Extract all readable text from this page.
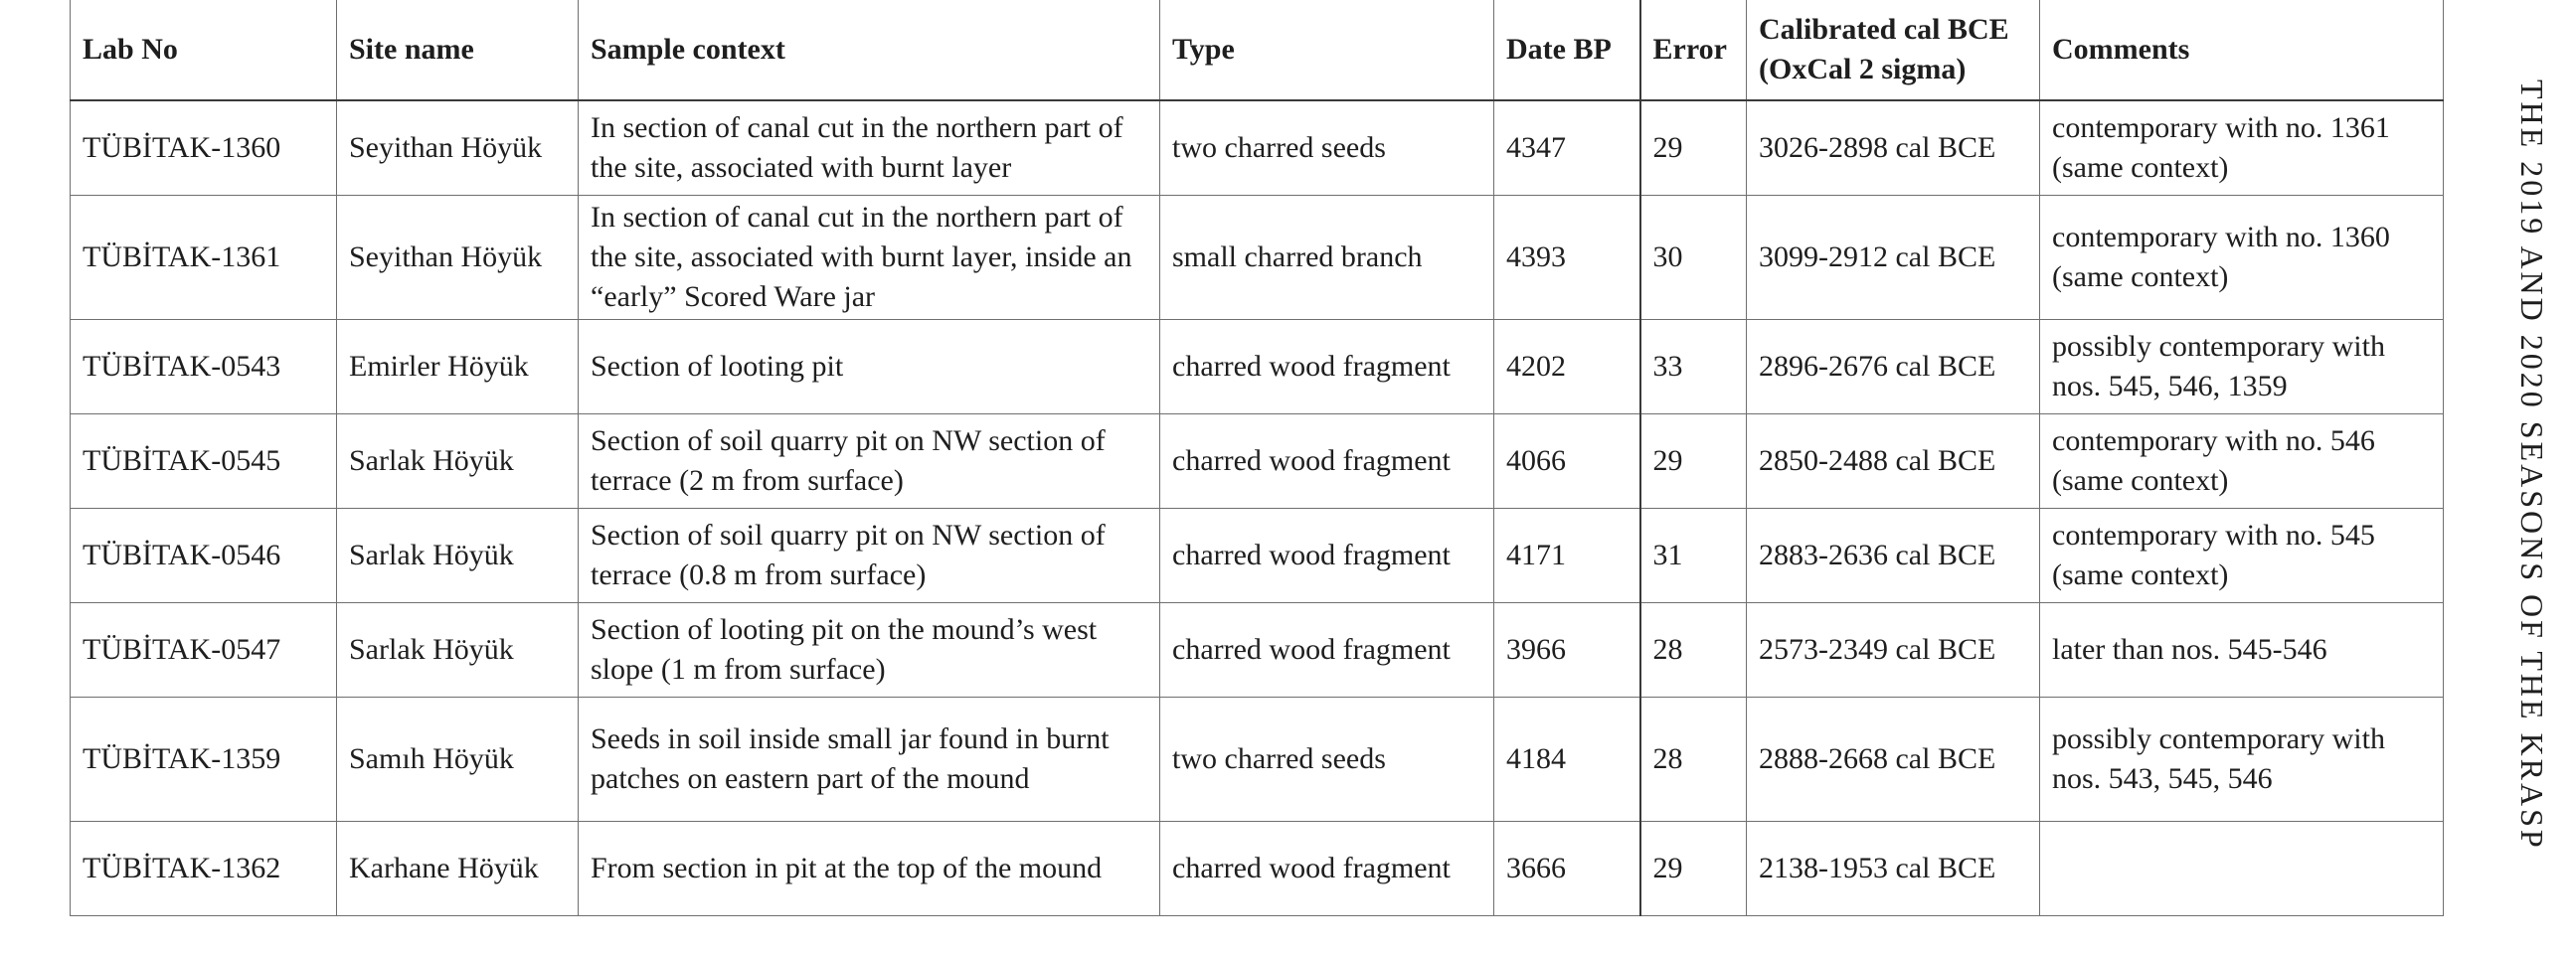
Lab No	Site name	Sample context	Type	Date BP	Error	Calibrated cal BCE (OxCal 2 sigma)	Comments
TÜBİTAK-1360	Seyithan Höyük	In section of canal cut in the northern part of the site, associated with burnt layer	two charred seeds	4347	29	3026-2898 cal BCE	contemporary with no. 1361 (same context)
TÜBİTAK-1361	Seyithan Höyük	In section of canal cut in the northern part of the site, associated with burnt layer, inside an “early” Scored Ware jar	small charred branch	4393	30	3099-2912 cal BCE	contemporary with no. 1360 (same context)
TÜBİTAK-0543	Emirler Höyük	Section of looting pit	charred wood fragment	4202	33	2896-2676 cal BCE	possibly contemporary with nos. 545, 546, 1359
TÜBİTAK-0545	Sarlak Höyük	Section of soil quarry pit on NW section of terrace (2 m from surface)	charred wood fragment	4066	29	2850-2488 cal BCE	contemporary with no. 546 (same context)
TÜBİTAK-0546	Sarlak Höyük	Section of soil quarry pit on NW section of terrace (0.8 m from surface)	charred wood fragment	4171	31	2883-2636 cal BCE	contemporary with no. 545 (same context)
TÜBİTAK-0547	Sarlak Höyük	Section of looting pit on the mound’s west slope (1 m from surface)	charred wood fragment	3966	28	2573-2349 cal BCE	later than nos. 545-546
TÜBİTAK-1359	Samıh Höyük	Seeds in soil inside small jar found in burnt patches on eastern part of the mound	two charred seeds	4184	28	2888-2668 cal BCE	possibly contemporary with nos. 543, 545, 546
TÜBİTAK-1362	Karhane Höyük	From section in pit at the top of the mound	charred wood fragment	3666	29	2138-1953 cal BCE	
THE 2019 AND 2020 SEASONS OF THE KRASP
